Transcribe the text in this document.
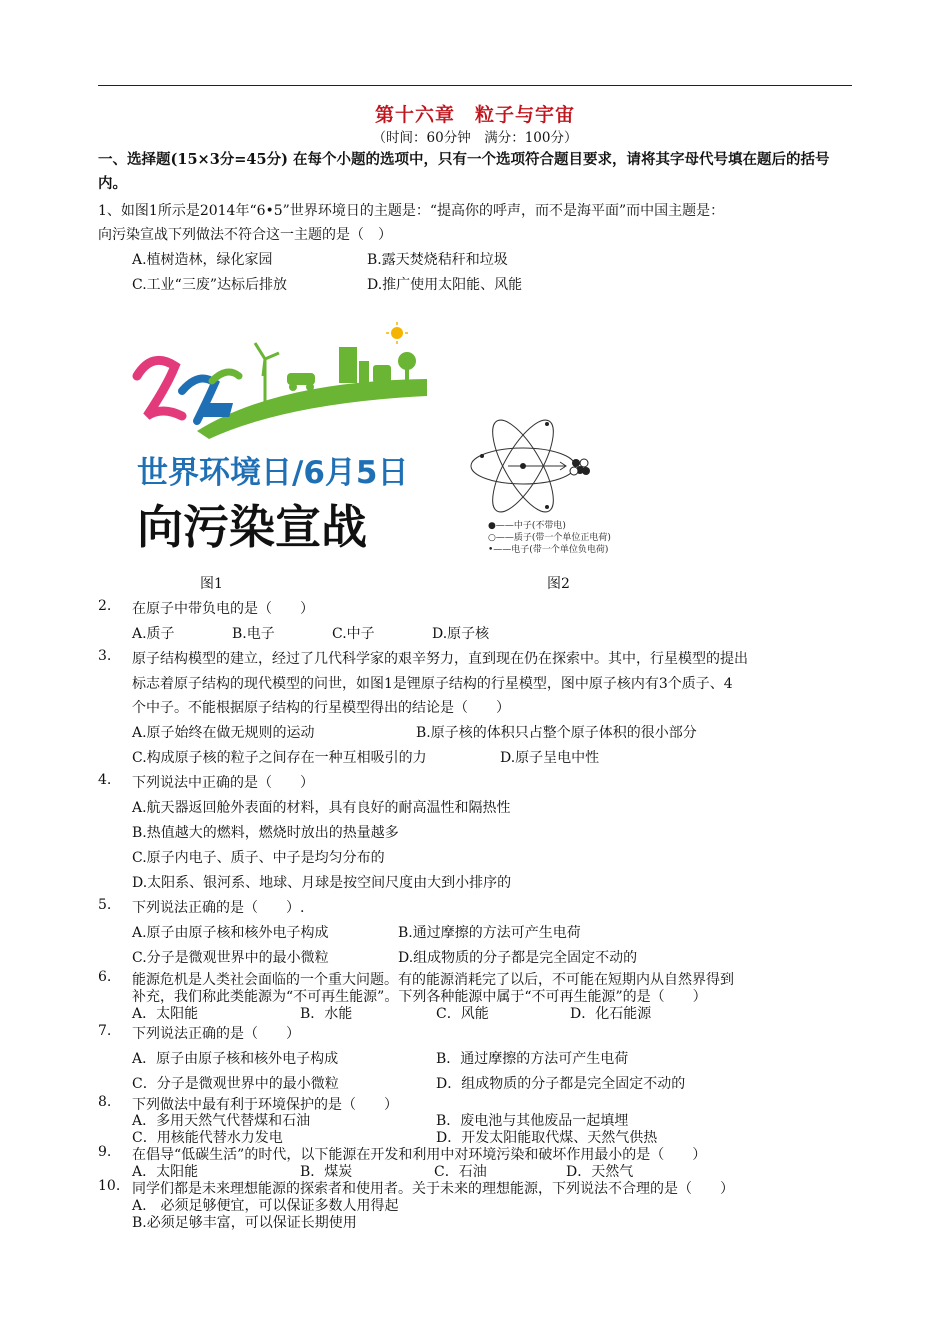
第十六章　粒子与宇宙
（时间：60分钟　满分：100分）
一、选择题(15×3分=45分) 在每个小题的选项中，只有一个选项符合题目要求，请将其字母代号填在题后的括号内。
1、如图1所示是2014年“6•5”世界环境日的主题是：“提高你的呼声，而不是海平面”而中国主题是：
向污染宣战下列做法不符合这一主题的是（　）
A.植树造林，绿化家园	B.露天焚烧秸秆和垃圾
C.工业“三废”达标后排放	D.推广使用太阳能、风能
世界环境日/6月5日
向污染宣战	●——中子(不带电)
○——质子(带一个单位正电荷)
•——电子(带一个单位负电荷)
图1	图2
2. 在原子中带负电的是（　　）
A.质子	B.电子	C.中子	D.原子核
3. 原子结构模型的建立，经过了几代科学家的艰辛努力，直到现在仍在探索中。其中，行星模型的提出
标志着原子结构的现代模型的问世，如图1是锂原子结构的行星模型，图中原子核内有3个质子、4
个中子。不能根据原子结构的行星模型得出的结论是（　　）
A.原子始终在做无规则的运动	B.原子核的体积只占整个原子体积的很小部分
C.构成原子核的粒子之间存在一种互相吸引的力	D.原子呈电中性
4. 下列说法中正确的是（　　）
A.航天器返回舱外表面的材料，具有良好的耐高温性和隔热性
B.热值越大的燃料，燃烧时放出的热量越多
C.原子内电子、质子、中子是均匀分布的
D.太阳系、银河系、地球、月球是按空间尺度由大到小排序的
5. 下列说法正确的是（　　）.
A.原子由原子核和核外电子构成	B.通过摩擦的方法可产生电荷
C.分子是微观世界中的最小微粒	D.组成物质的分子都是完全固定不动的
6. 能源危机是人类社会面临的一个重大问题。有的能源消耗完了以后，不可能在短期内从自然界得到
补充，我们称此类能源为“不可再生能源”。下列各种能源中属于“不可再生能源”的是（　　）
A．太阳能	B．水能	C．风能	D．化石能源
7. 下列说法正确的是（　　）
A．原子由原子核和核外电子构成	B．通过摩擦的方法可产生电荷
C．分子是微观世界中的最小微粒	D．组成物质的分子都是完全固定不动的
8. 下列做法中最有利于环境保护的是（　　）
A．多用天然气代替煤和石油	B．废电池与其他废品一起填埋
C．用核能代替水力发电	D．开发太阳能取代煤、天然气供热
9. 在倡导“低碳生活”的时代，以下能源在开发和利用中对环境污染和破坏作用最小的是（　　）
A．太阳能	B．煤炭	C．石油	D．天然气
10. 同学们都是未来理想能源的探索者和使用者。关于未来的理想能源，下列说法不合理的是（　　）
A.　必须足够便宜，可以保证多数人用得起
B.必须足够丰富，可以保证长期使用
